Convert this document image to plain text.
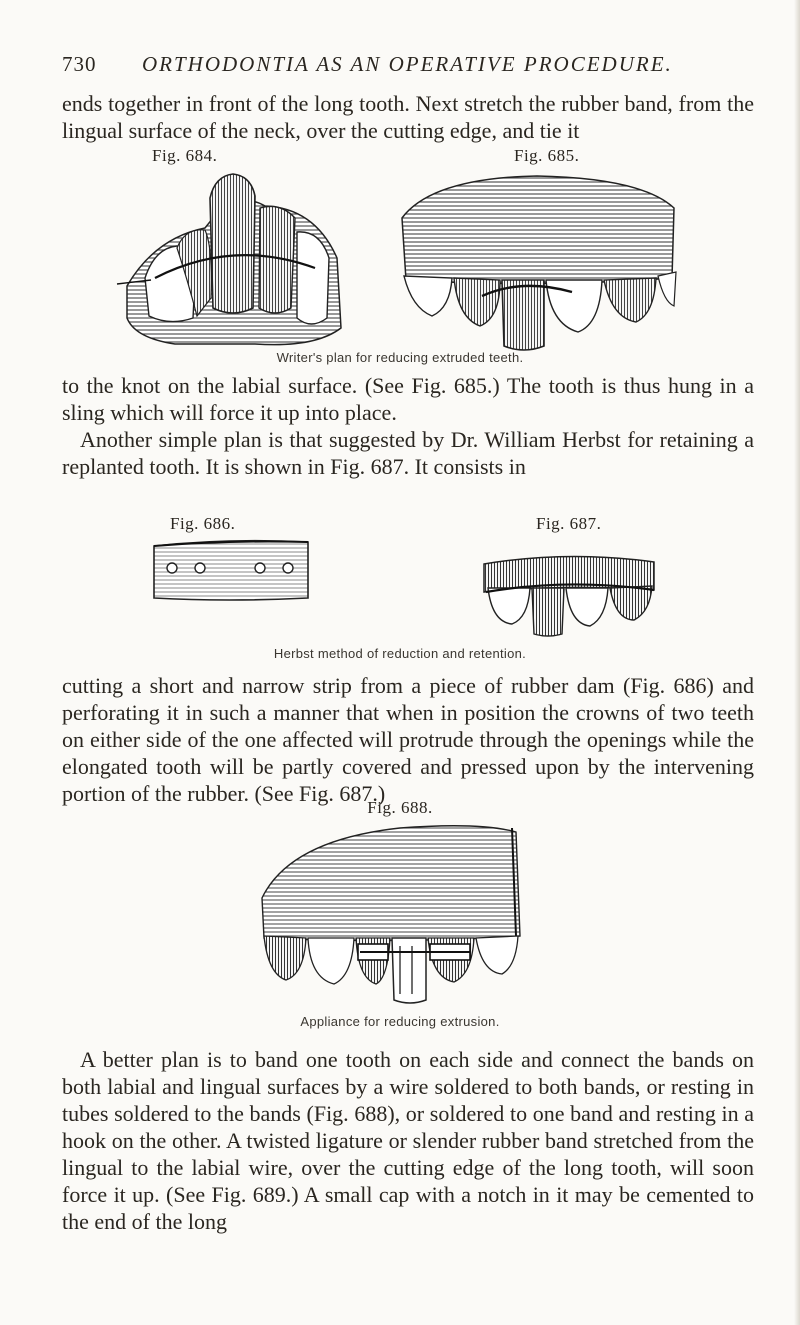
730 ORTHODONTIA AS AN OPERATIVE PROCEDURE.

ends together in front of the long tooth. Next stretch the rubber band, from the lingual surface of the neck, over the cutting edge, and tie it

Fig. 684.	Fig. 685.
Writer's plan for reducing extruded teeth.

to the knot on the labial surface. (See Fig. 685.) The tooth is thus hung in a sling which will force it up into place.

Another simple plan is that suggested by Dr. William Herbst for retaining a replanted tooth. It is shown in Fig. 687. It consists in

Fig. 686.	Fig. 687.
Herbst method of reduction and retention.

cutting a short and narrow strip from a piece of rubber dam (Fig. 686) and perforating it in such a manner that when in position the crowns of two teeth on either side of the one affected will protrude through the openings while the elongated tooth will be partly covered and pressed upon by the intervening portion of the rubber. (See Fig. 687.)

Fig. 688.
Appliance for reducing extrusion.

A better plan is to band one tooth on each side and connect the bands on both labial and lingual surfaces by a wire soldered to both bands, or resting in tubes soldered to the bands (Fig. 688), or soldered to one band and resting in a hook on the other. A twisted ligature or slender rubber band stretched from the lingual to the labial wire, over the cutting edge of the long tooth, will soon force it up. (See Fig. 689.) A small cap with a notch in it may be cemented to the end of the long
